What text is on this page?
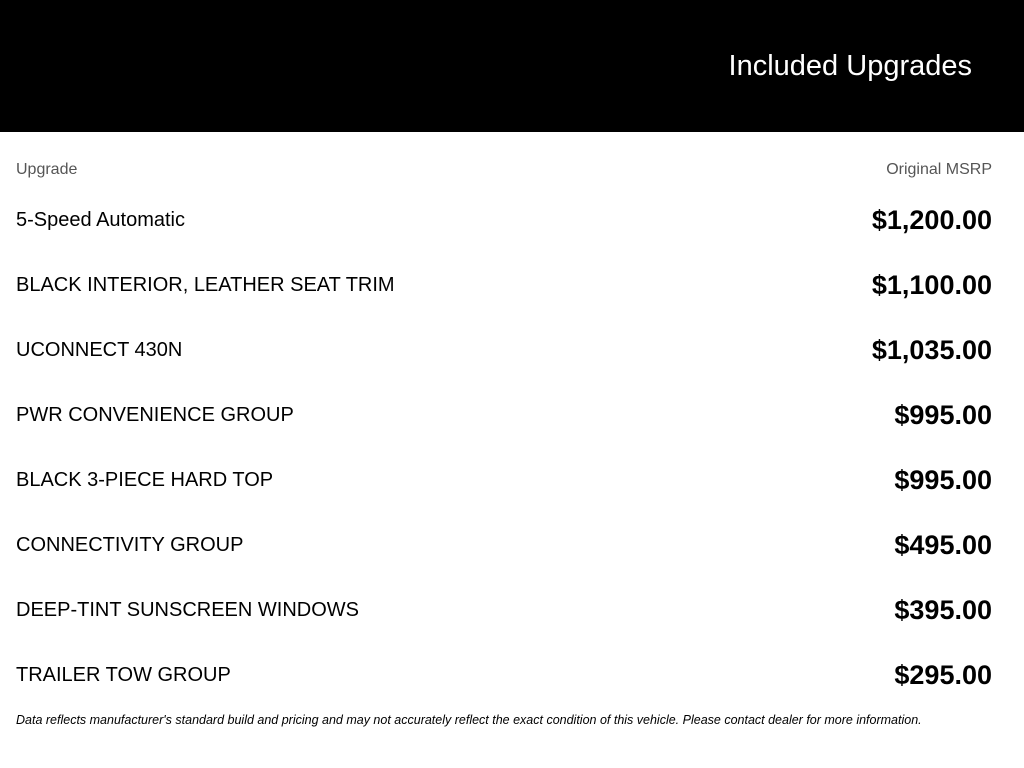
Included Upgrades
Upgrade	Original MSRP
5-Speed Automatic	$1,200.00
BLACK INTERIOR, LEATHER SEAT TRIM	$1,100.00
UCONNECT 430N	$1,035.00
PWR CONVENIENCE GROUP	$995.00
BLACK 3-PIECE HARD TOP	$995.00
CONNECTIVITY GROUP	$495.00
DEEP-TINT SUNSCREEN WINDOWS	$395.00
TRAILER TOW GROUP	$295.00
Data reflects manufacturer's standard build and pricing and may not accurately reflect the exact condition of this vehicle. Please contact dealer for more information.
